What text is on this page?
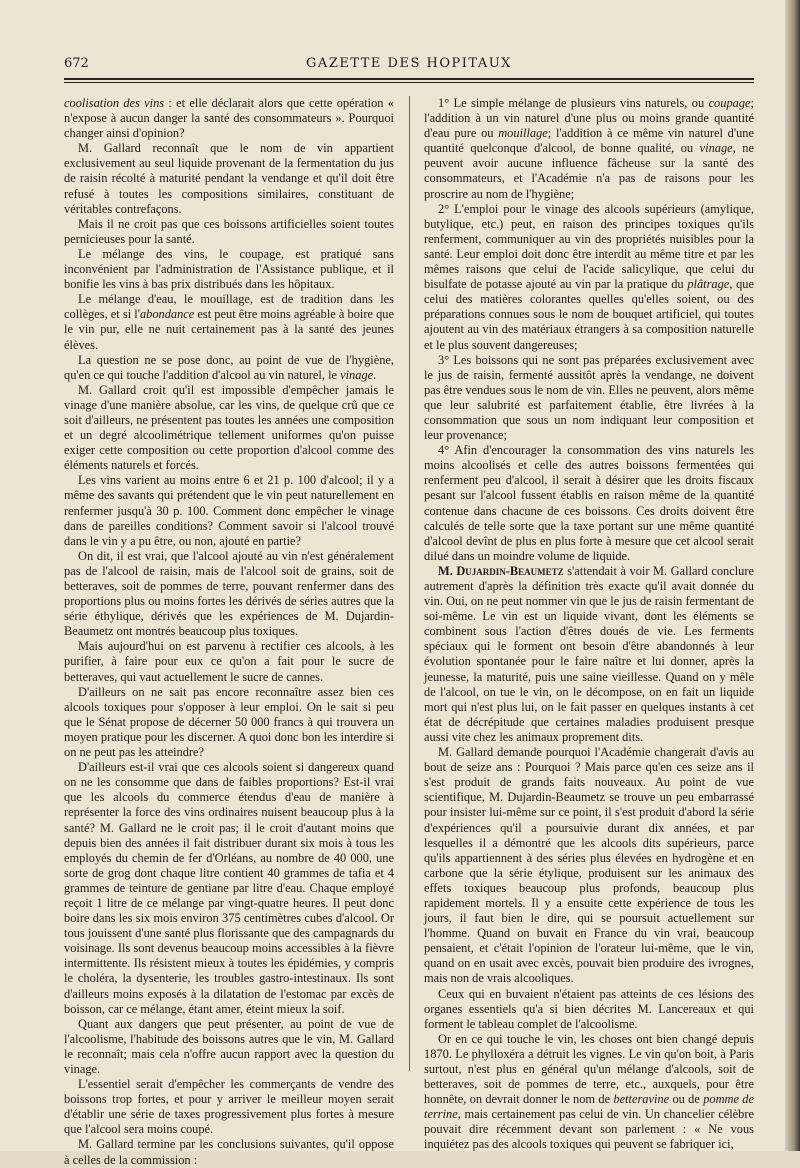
672	GAZETTE DES HOPITAUX

coolisation des vins : et elle déclarait alors que cette opération « n'expose à aucun danger la santé des consommateurs ». Pourquoi changer ainsi d'opinion?

M. Gallard reconnaît que le nom de vin appartient exclusivement au seul liquide provenant de la fermentation du jus de raisin récolté à maturité pendant la vendange et qu'il doit être refusé à toutes les compositions similaires, constituant de véritables contrefaçons.

Mais il ne croit pas que ces boissons artificielles soient toutes pernicieuses pour la santé.

Le mélange des vins, le coupage, est pratiqué sans inconvénient par l'administration de l'Assistance publique, et il bonifie les vins à bas prix distribués dans les hôpitaux.

Le mélange d'eau, le mouillage, est de tradition dans les collèges, et si l'abondance est peut être moins agréable à boire que le vin pur, elle ne nuit certainement pas à la santé des jeunes élèves.

La question ne se pose donc, au point de vue de l'hygiène, qu'en ce qui touche l'addition d'alcool au vin naturel, le vinage.

M. Gallard croit qu'il est impossible d'empêcher jamais le vinage d'une manière absolue, car les vins, de quelque crû que ce soit d'ailleurs, ne présentent pas toutes les années une composition et un degré alcoolimétrique tellement uniformes qu'on puisse exiger cette composition ou cette proportion d'alcool comme des éléments naturels et forcés.

Les vins varient au moins entre 6 et 21 p. 100 d'alcool; il y a même des savants qui prétendent que le vin peut naturellement en renfermer jusqu'à 30 p. 100. Comment donc empêcher le vinage dans de pareilles conditions? Comment savoir si l'alcool trouvé dans le vin y a pu être, ou non, ajouté en partie?

On dit, il est vrai, que l'alcool ajouté au vin n'est généralement pas de l'alcool de raisin, mais de l'alcool soit de grains, soit de betteraves, soit de pommes de terre, pouvant renfermer dans des proportions plus ou moins fortes les dérivés de séries autres que la série éthylique, dérivés que les expériences de M. Dujardin-Beaumetz ont montrés beaucoup plus toxiques.

Mais aujourd'hui on est parvenu à rectifier ces alcools, à les purifier, à faire pour eux ce qu'on a fait pour le sucre de betteraves, qui vaut actuellement le sucre de cannes.

D'ailleurs on ne sait pas encore reconnaître assez bien ces alcools toxiques pour s'opposer à leur emploi. On le sait si peu que le Sénat propose de décerner 50 000 francs à qui trouvera un moyen pratique pour les discerner. A quoi donc bon les interdire si on ne peut pas les atteindre?

D'ailleurs est-il vrai que ces alcools soient si dangereux quand on ne les consomme que dans de faibles proportions? Est-il vrai que les alcools du commerce étendus d'eau de manière à représenter la force des vins ordinaires nuisent beaucoup plus à la santé? M. Gallard ne le croit pas; il le croit d'autant moins que depuis bien des années il fait distribuer durant six mois à tous les employés du chemin de fer d'Orléans, au nombre de 40 000, une sorte de grog dont chaque litre contient 40 grammes de tafia et 4 grammes de teinture de gentiane par litre d'eau. Chaque employé reçoit 1 litre de ce mélange par vingt-quatre heures. Il peut donc boire dans les six mois environ 375 centimètres cubes d'alcool. Or tous jouissent d'une santé plus florissante que des campagnards du voisinage. Ils sont devenus beaucoup moins accessibles à la fièvre intermittente. Ils résistent mieux à toutes les épidémies, y compris le choléra, la dysenterie, les troubles gastro-intestinaux. Ils sont d'ailleurs moins exposés à la dilatation de l'estomac par excès de boisson, car ce mélange, étant amer, éteint mieux la soif.

Quant aux dangers que peut présenter, au point de vue de l'alcoolisme, l'habitude des boissons autres que le vin, M. Gallard le reconnaît; mais cela n'offre aucun rapport avec la question du vinage.

L'essentiel serait d'empêcher les commerçants de vendre des boissons trop fortes, et pour y arriver le meilleur moyen serait d'établir une série de taxes progressivement plus fortes à mesure que l'alcool sera moins coupé.

M. Gallard termine par les conclusions suivantes, qu'il oppose à celles de la commission :

1° Le simple mélange de plusieurs vins naturels, ou coupage; l'addition à un vin naturel d'une plus ou moins grande quantité d'eau pure ou mouillage; l'addition à ce même vin naturel d'une quantité quelconque d'alcool, de bonne qualité, ou vinage, ne peuvent avoir aucune influence fâcheuse sur la santé des consommateurs, et l'Académie n'a pas de raisons pour les proscrire au nom de l'hygiène;

2° L'emploi pour le vinage des alcools supérieurs (amylique, butylique, etc.) peut, en raison des principes toxiques qu'ils renferment, communiquer au vin des propriétés nuisibles pour la santé. Leur emploi doit donc être interdit au même titre et par les mêmes raisons que celui de l'acide salicylique, que celui du bisulfate de potasse ajouté au vin par la pratique du plâtrage, que celui des matières colorantes quelles qu'elles soient, ou des préparations connues sous le nom de bouquet artificiel, qui toutes ajoutent au vin des matériaux étrangers à sa composition naturelle et le plus souvent dangereuses;

3° Les boissons qui ne sont pas préparées exclusivement avec le jus de raisin, fermenté aussitôt après la vendange, ne doivent pas être vendues sous le nom de vin. Elles ne peuvent, alors même que leur salubrité est parfaitement établie, être livrées à la consommation que sous un nom indiquant leur composition et leur provenance;

4° Afin d'encourager la consommation des vins naturels les moins alcoolisés et celle des autres boissons fermentées qui renferment peu d'alcool, il serait à désirer que les droits fiscaux pesant sur l'alcool fussent établis en raison même de la quantité contenue dans chacune de ces boissons. Ces droits doivent être calculés de telle sorte que la taxe portant sur une même quantité d'alcool devînt de plus en plus forte à mesure que cet alcool serait dilué dans un moindre volume de liquide.

M. Dujardin-Beaumetz s'attendait à voir M. Gallard conclure autrement d'après la définition très exacte qu'il avait donnée du vin. Oui, on ne peut nommer vin que le jus de raisin fermentant de soi-même. Le vin est un liquide vivant, dont les éléments se combinent sous l'action d'êtres doués de vie. Les ferments spéciaux qui le forment ont besoin d'être abandonnés à leur évolution spontanée pour le faire naître et lui donner, après la jeunesse, la maturité, puis une saine vieillesse. Quand on y mêle de l'alcool, on tue le vin, on le décompose, on en fait un liquide mort qui n'est plus lui, on le fait passer en quelques instants à cet état de décrépitude que certaines maladies produisent presque aussi vite chez les animaux proprement dits.

M. Gallard demande pourquoi l'Académie changerait d'avis au bout de seize ans : Pourquoi ? Mais parce qu'en ces seize ans il s'est produit de grands faits nouveaux. Au point de vue scientifique, M. Dujardin-Beaumetz se trouve un peu embarrassé pour insister lui-même sur ce point, il s'est produit d'abord la série d'expériences qu'il a poursuivie durant dix années, et par lesquelles il a démontré que les alcools dits supérieurs, parce qu'ils appartiennent à des séries plus élevées en hydrogène et en carbone que la série étylique, produisent sur les animaux des effets toxiques beaucoup plus profonds, beaucoup plus rapidement mortels. Il y a ensuite cette expérience de tous les jours, il faut bien le dire, qui se poursuit actuellement sur l'homme. Quand on buvait en France du vin vrai, beaucoup pensaient, et c'était l'opinion de l'orateur lui-même, que le vin, quand on en usait avec excès, pouvait bien produire des ivrognes, mais non de vrais alcooliques.

Ceux qui en buvaient n'étaient pas atteints de ces lésions des organes essentiels qu'a si bien décrites M. Lancereaux et qui forment le tableau complet de l'alcoolisme.

Or en ce qui touche le vin, les choses ont bien changé depuis 1870. Le phylloxéra a détruit les vignes. Le vin qu'on boit, à Paris surtout, n'est plus en général qu'un mélange d'alcools, soit de betteraves, soit de pommes de terre, etc., auxquels, pour être honnête, on devrait donner le nom de betteravine ou de pomme de terrine, mais certainement pas celui de vin. Un chancelier célèbre pouvait dire récemment devant son parlement : « Ne vous inquiétez pas des alcools toxiques qui peuvent se fabriquer ici,
